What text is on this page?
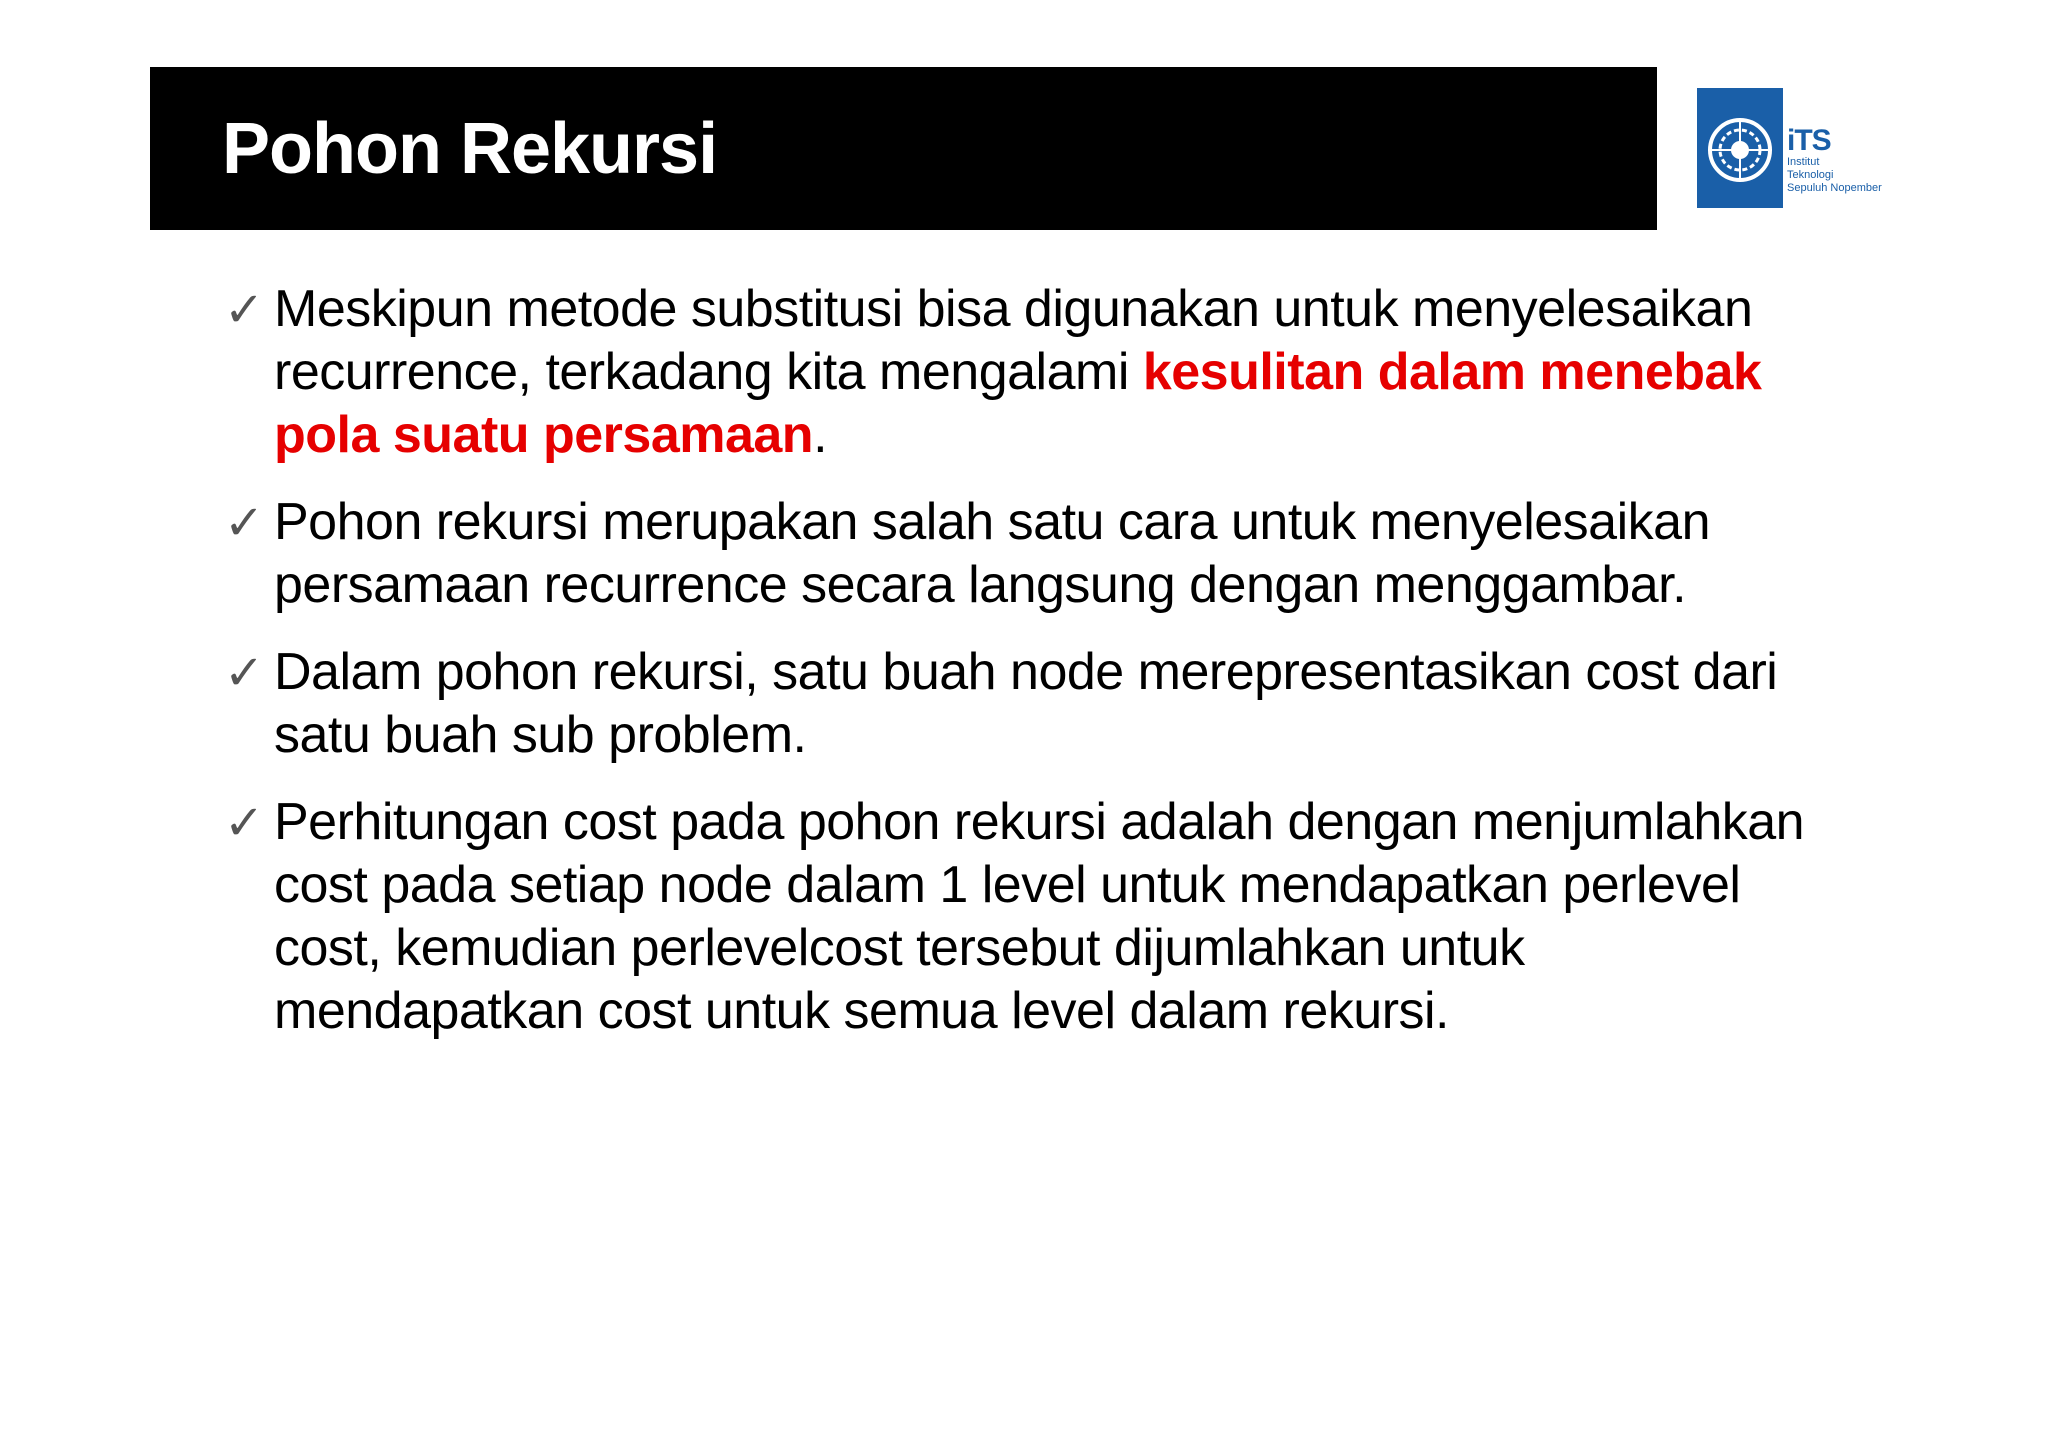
Pohon Rekursi	iTS
Institut
Teknologi
Sepuluh Nopember
✓ Meskipun metode substitusi bisa digunakan untuk menyelesaikan recurrence, terkadang kita mengalami kesulitan dalam menebak pola suatu persamaan.
✓ Pohon rekursi merupakan salah satu cara untuk menyelesaikan persamaan recurrence secara langsung dengan menggambar.
✓ Dalam pohon rekursi, satu buah node merepresentasikan cost dari satu buah sub problem.
✓ Perhitungan cost pada pohon rekursi adalah dengan menjumlahkan cost pada setiap node dalam 1 level untuk mendapatkan perlevel cost, kemudian perlevelcost tersebut dijumlahkan untuk mendapatkan cost untuk semua level dalam rekursi.
